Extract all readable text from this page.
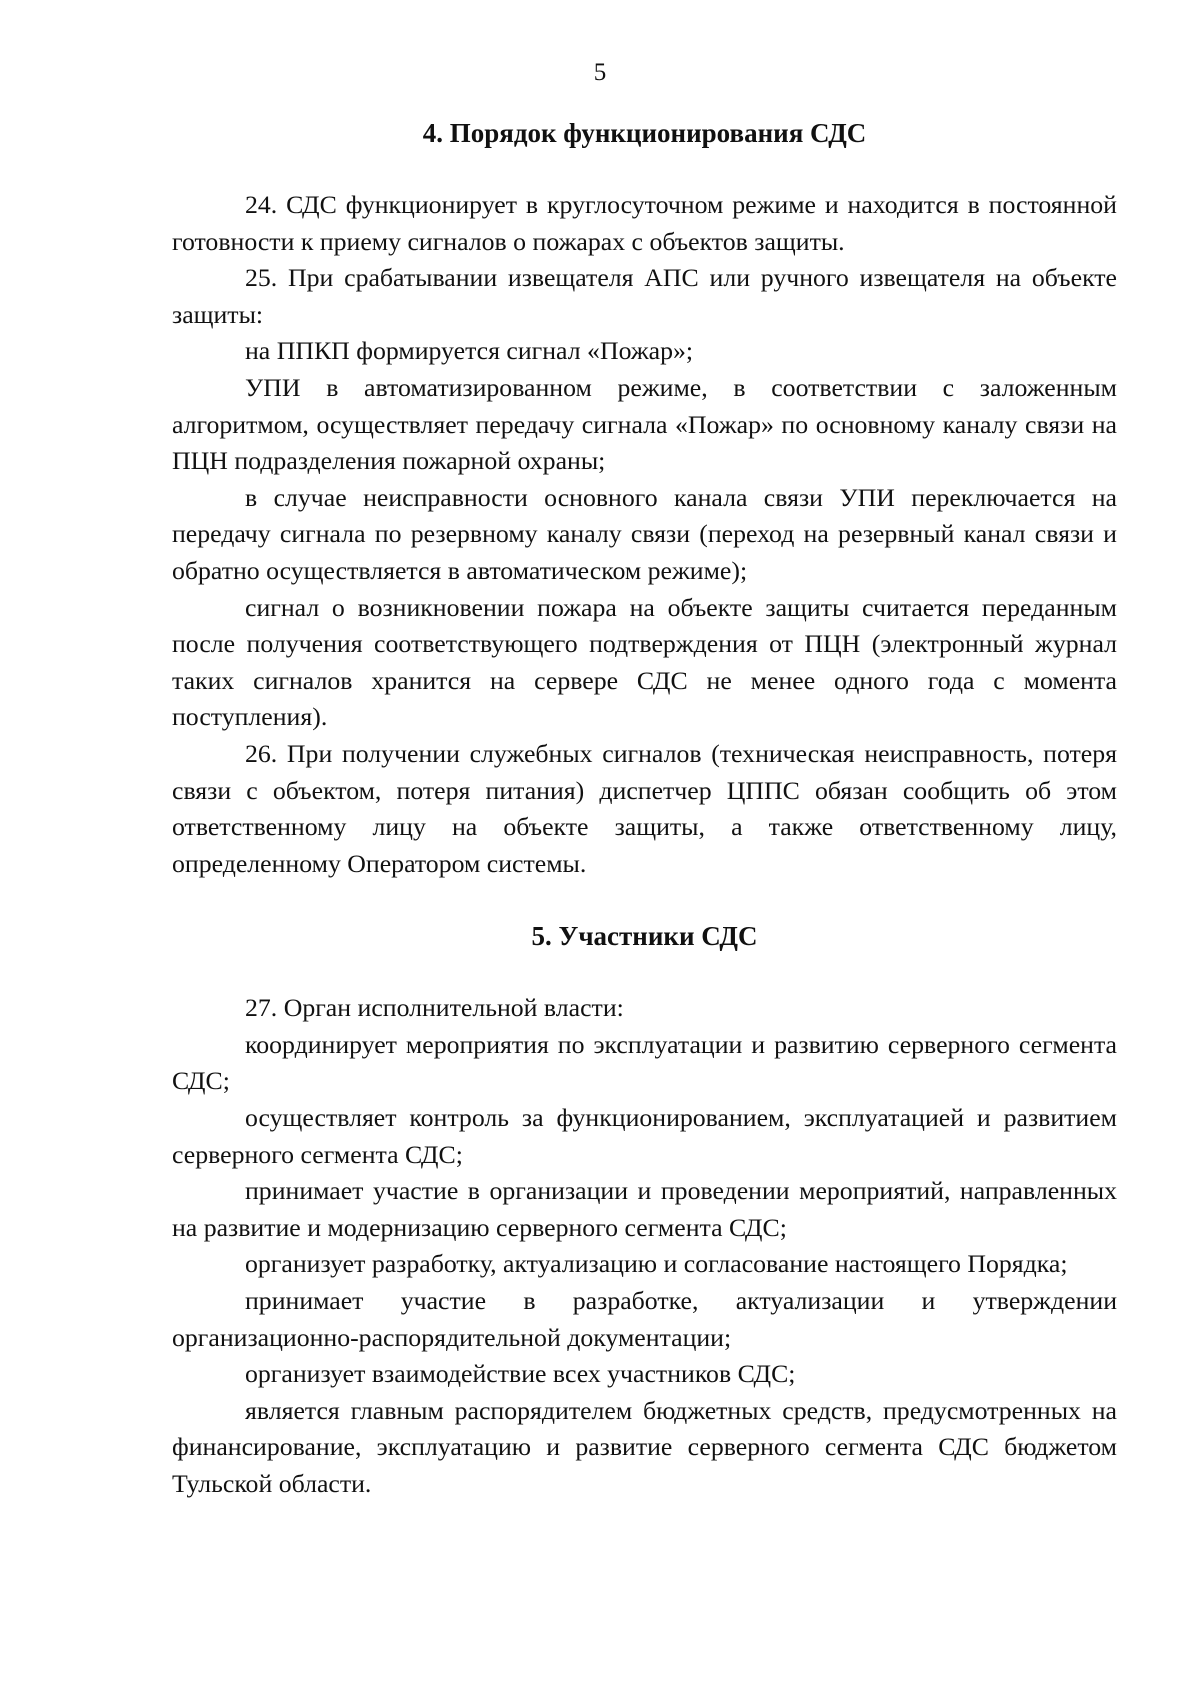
5
4. Порядок функционирования СДС

24. СДС функционирует в круглосуточном режиме и находится в постоянной готовности к приему сигналов о пожарах с объектов защиты.

25. При срабатывании извещателя АПС или ручного извещателя на объекте защиты:

на ППКП формируется сигнал «Пожар»;

УПИ в автоматизированном режиме, в соответствии с заложенным алгоритмом, осуществляет передачу сигнала «Пожар» по основному каналу связи на ПЦН подразделения пожарной охраны;

в случае неисправности основного канала связи УПИ переключается на передачу сигнала по резервному каналу связи (переход на резервный канал связи и обратно осуществляется в автоматическом режиме);

сигнал о возникновении пожара на объекте защиты считается переданным после получения соответствующего подтверждения от ПЦН (электронный журнал таких сигналов хранится на сервере СДС не менее одного года с момента поступления).

26. При получении служебных сигналов (техническая неисправность, потеря связи с объектом, потеря питания) диспетчер ЦППС обязан сообщить об этом ответственному лицу на объекте защиты, а также ответственному лицу, определенному Оператором системы.

5. Участники СДС

27. Орган исполнительной власти:

координирует мероприятия по эксплуатации и развитию серверного сегмента СДС;

осуществляет контроль за функционированием, эксплуатацией и развитием серверного сегмента СДС;

принимает участие в организации и проведении мероприятий, направленных на развитие и модернизацию серверного сегмента СДС;

организует разработку, актуализацию и согласование настоящего Порядка;

принимает участие в разработке, актуализации и утверждении организационно-распорядительной документации;

организует взаимодействие всех участников СДС;

является главным распорядителем бюджетных средств, предусмотренных на финансирование, эксплуатацию и развитие серверного сегмента СДС бюджетом Тульской области.
